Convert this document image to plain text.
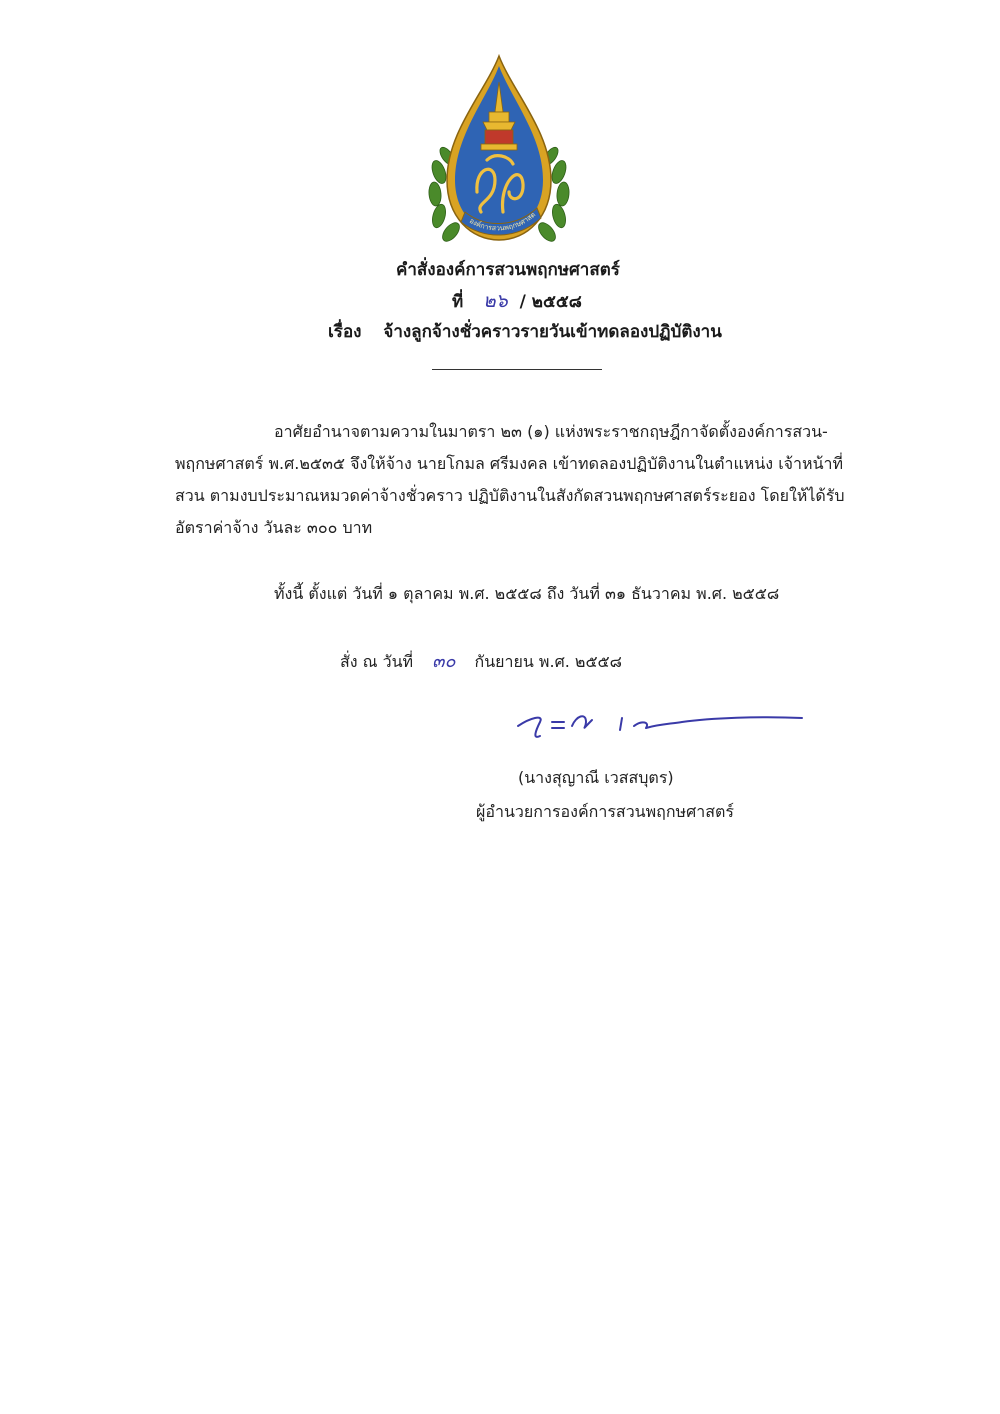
องค์การสวนพฤกษศาสต
คำสั่งองค์การสวนพฤกษศาสตร์
ที่ ๒๖ / ๒๕๕๘
เรื่อง จ้างลูกจ้างชั่วคราวรายวันเข้าทดลองปฏิบัติงาน
อาศัยอำนาจตามความในมาตรา ๒๓ (๑) แห่งพระราชกฤษฎีกาจัดตั้งองค์การสวน-
พฤกษศาสตร์ พ.ศ.๒๕๓๕ จึงให้จ้าง นายโกมล ศรีมงคล เข้าทดลองปฏิบัติงานในตำแหน่ง เจ้าหน้าที่
สวน ตามงบประมาณหมวดค่าจ้างชั่วคราว ปฏิบัติงานในสังกัดสวนพฤกษศาสตร์ระยอง โดยให้ได้รับ
อัตราค่าจ้าง วันละ ๓๐๐ บาท
ทั้งนี้ ตั้งแต่ วันที่ ๑ ตุลาคม พ.ศ. ๒๕๕๘ ถึง วันที่ ๓๑ ธันวาคม พ.ศ. ๒๕๕๘
สั่ง ณ วันที่ ๓๐ กันยายน พ.ศ. ๒๕๕๘
(นางสุญาณี เวสสบุตร)
ผู้อำนวยการองค์การสวนพฤกษศาสตร์
